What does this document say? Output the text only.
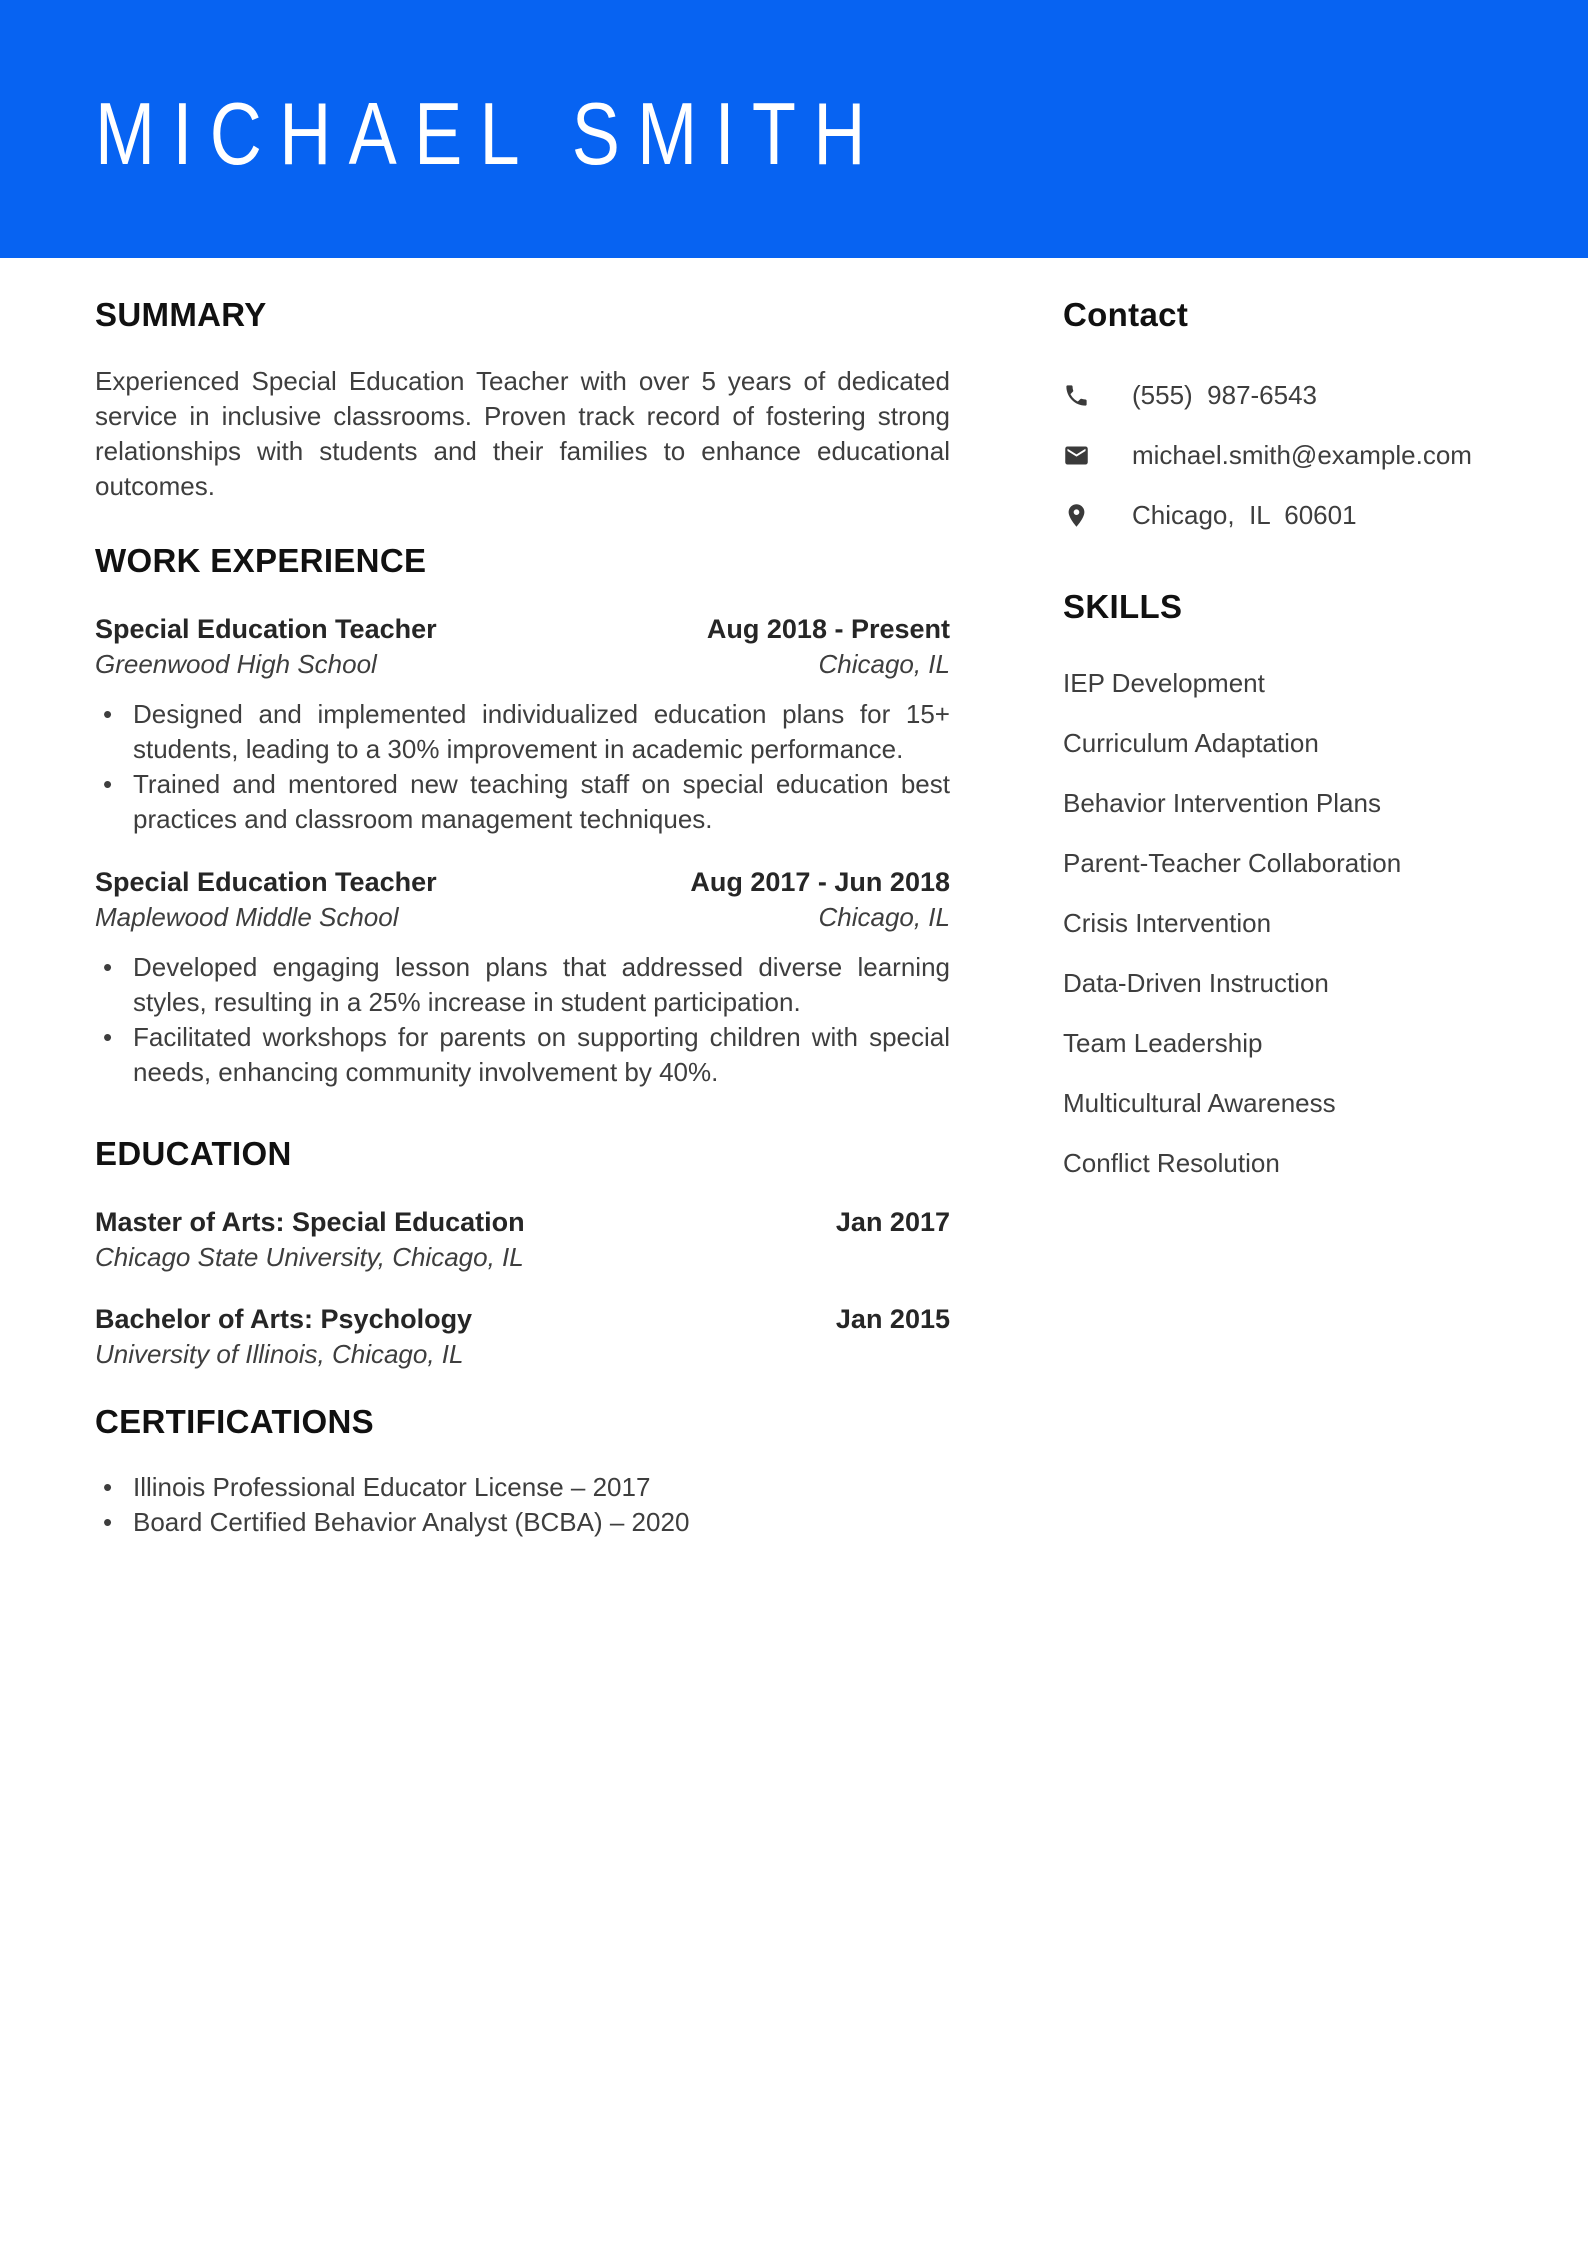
MICHAEL SMITH
SUMMARY

Experienced Special Education Teacher with over 5 years of dedicated service in inclusive classrooms. Proven track record of fostering strong relationships with students and their families to enhance educational outcomes.

WORK EXPERIENCE
Special Education Teacher	Aug 2018 - Present
Greenwood High School	Chicago, IL
• Designed and implemented individualized education plans for 15+ students, leading to a 30% improvement in academic performance.
• Trained and mentored new teaching staff on special education best practices and classroom management techniques.
Special Education Teacher	Aug 2017 - Jun 2018
Maplewood Middle School	Chicago, IL
• Developed engaging lesson plans that addressed diverse learning styles, resulting in a 25% increase in student participation.
• Facilitated workshops for parents on supporting children with special needs, enhancing community involvement by 40%.
EDUCATION
Master of Arts: Special Education	Jan 2017
Chicago State University, Chicago, IL
Bachelor of Arts: Psychology	Jan 2015
University of Illinois, Chicago, IL
CERTIFICATIONS
• Illinois Professional Educator License – 2017
• Board Certified Behavior Analyst (BCBA) – 2020
Contact
(555)  987-6543
michael.smith@example.com
Chicago,  IL  60601
SKILLS
IEP Development
Curriculum Adaptation
Behavior Intervention Plans
Parent-Teacher Collaboration
Crisis Intervention
Data-Driven Instruction
Team Leadership
Multicultural Awareness
Conflict Resolution
